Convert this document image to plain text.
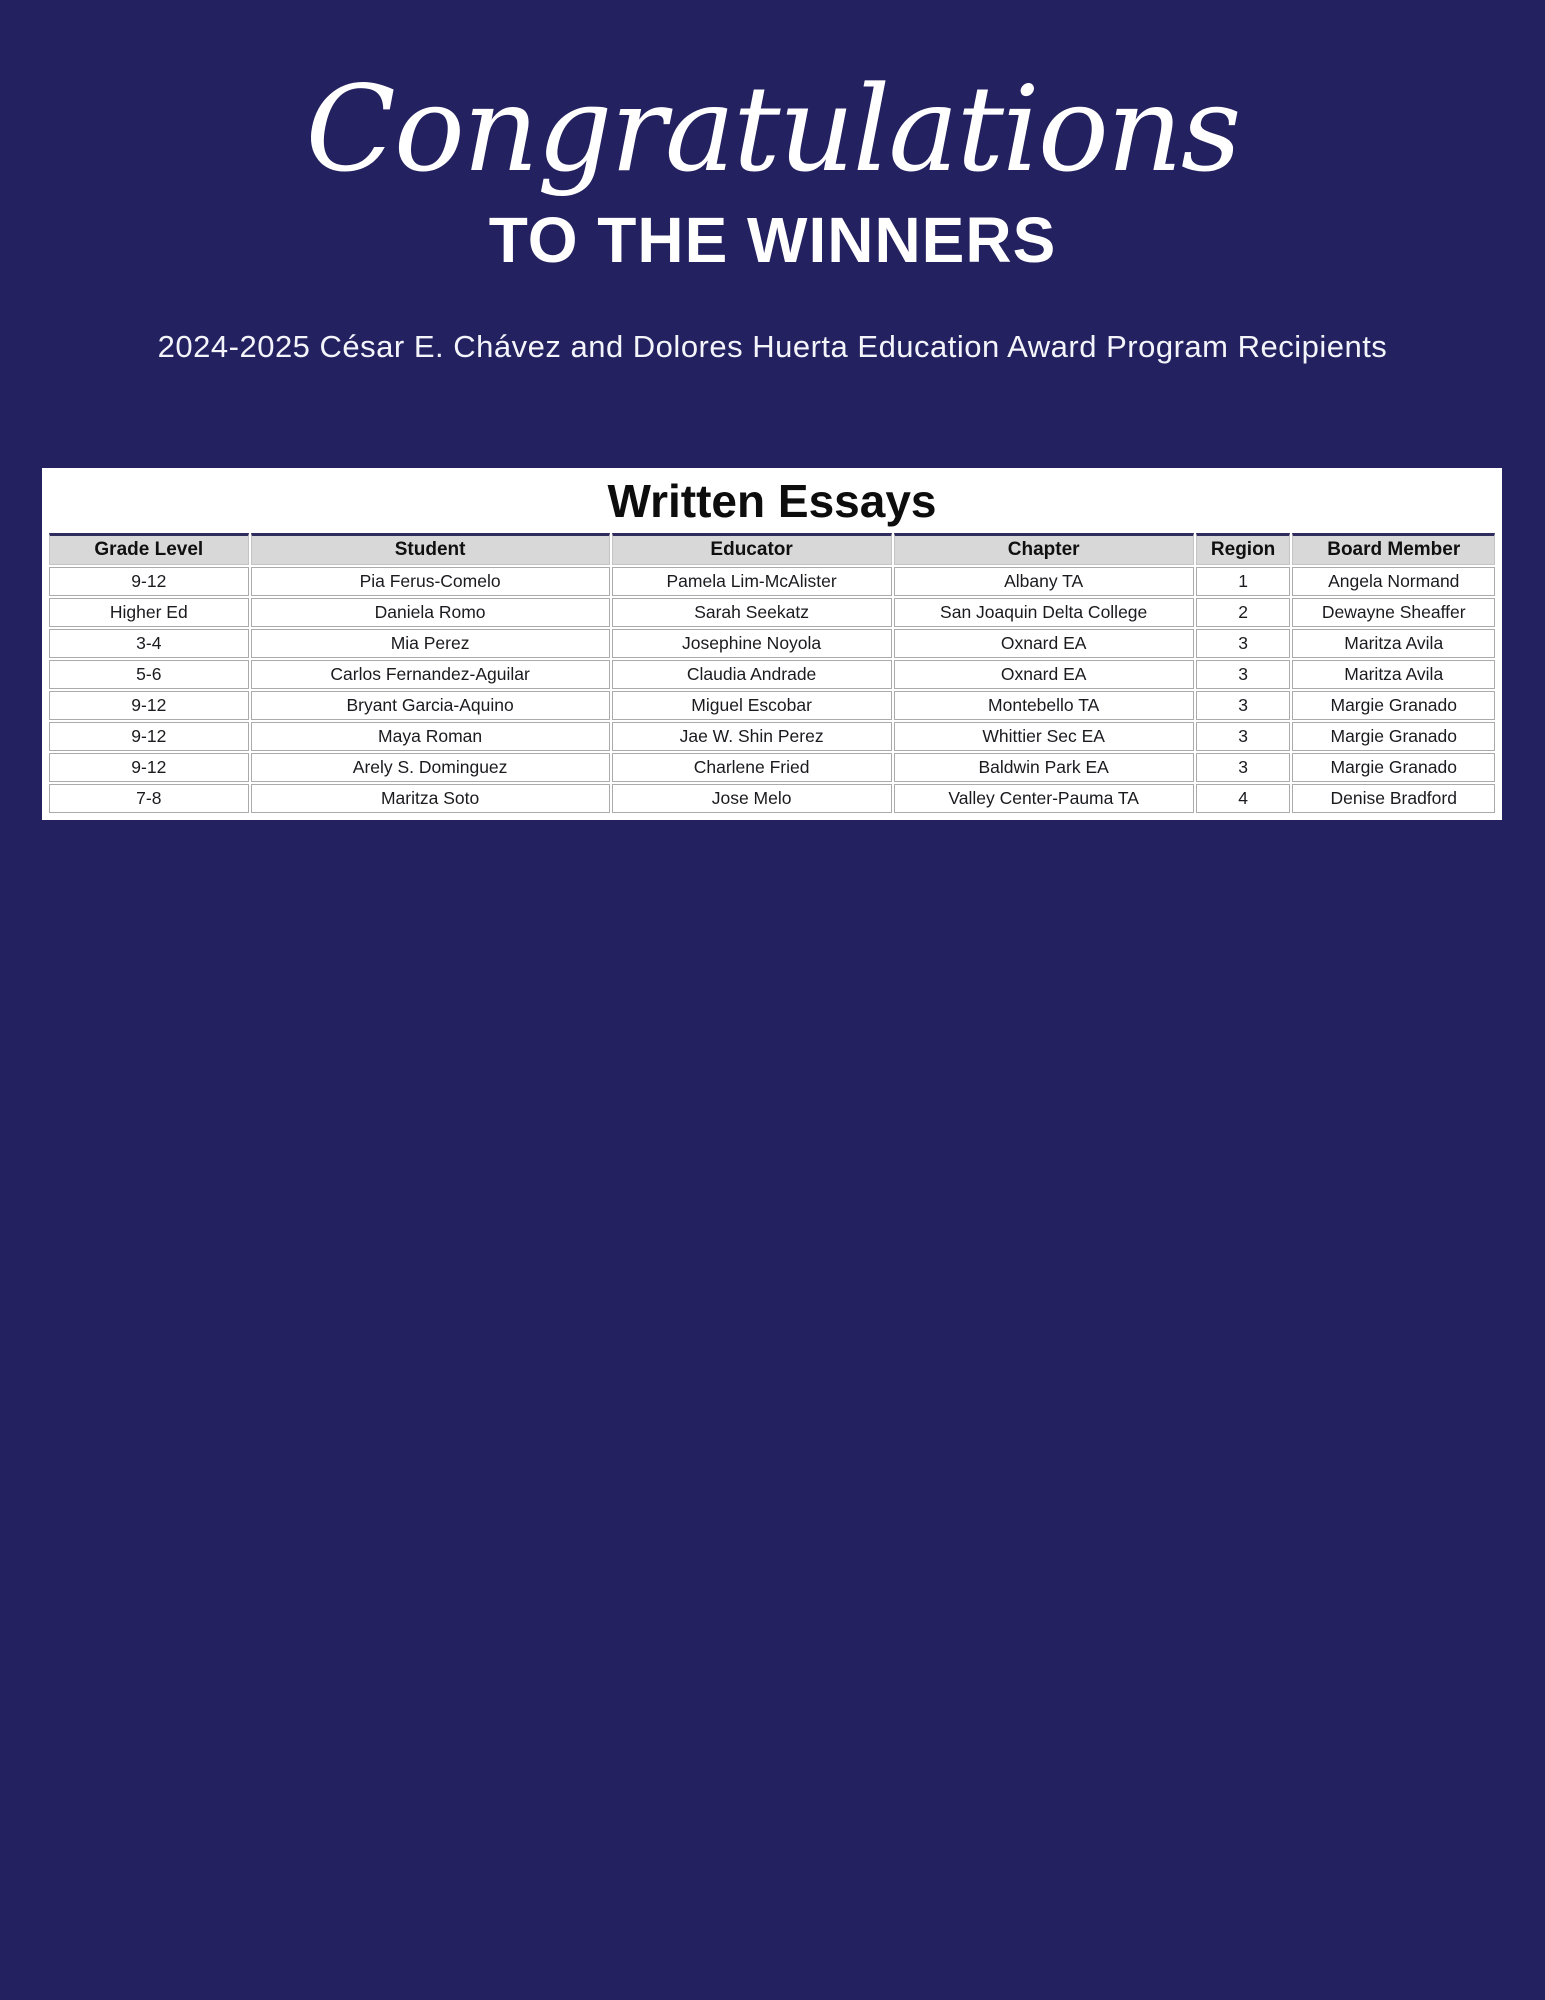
Congratulations
TO THE WINNERS
2024-2025 César E. Chávez and Dolores Huerta Education Award Program Recipients
Written Essays
Grade Level	Student	Educator	Chapter	Region	Board Member
9-12	Pia Ferus-Comelo	Pamela Lim-McAlister	Albany TA	1	Angela Normand
Higher Ed	Daniela Romo	Sarah Seekatz	San Joaquin Delta College	2	Dewayne Sheaffer
3-4	Mia Perez	Josephine Noyola	Oxnard EA	3	Maritza Avila
5-6	Carlos Fernandez-Aguilar	Claudia Andrade	Oxnard EA	3	Maritza Avila
9-12	Bryant Garcia-Aquino	Miguel Escobar	Montebello TA	3	Margie Granado
9-12	Maya Roman	Jae W. Shin Perez	Whittier Sec EA	3	Margie Granado
9-12	Arely S. Dominguez	Charlene Fried	Baldwin Park EA	3	Margie Granado
7-8	Maritza Soto	Jose Melo	Valley Center-Pauma TA	4	Denise Bradford
